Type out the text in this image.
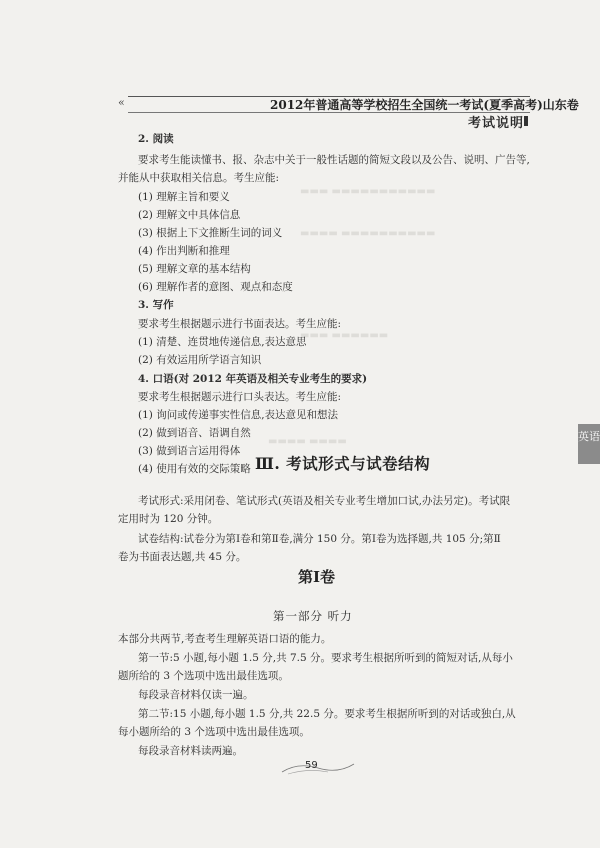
«	2012年普通高等学校招生全国统一考试(夏季高考)山东卷
考试说明
▬▬▬ ▬▬▬▬▬▬▬▬▬▬▬
▬▬▬▬ ▬▬▬▬▬▬▬▬▬▬
▬▬▬ ▬▬▬▬▬▬
▬▬▬▬ ▬▬▬▬
2. 阅读
要求考生能读懂书、报、杂志中关于一般性话题的简短文段以及公告、说明、广告等,
并能从中获取相关信息。考生应能:
(1) 理解主旨和要义
(2) 理解文中具体信息
(3) 根据上下文推断生词的词义
(4) 作出判断和推理
(5) 理解文章的基本结构
(6) 理解作者的意图、观点和态度
3. 写作
要求考生根据题示进行书面表达。考生应能:
(1) 清楚、连贯地传递信息,表达意思
(2) 有效运用所学语言知识
4. 口语(对 2012 年英语及相关专业考生的要求)
要求考生根据题示进行口头表达。考生应能:
(1) 询问或传递事实性信息,表达意见和想法
(2) 做到语音、语调自然
(3) 做到语言运用得体
(4) 使用有效的交际策略 Ⅲ. 考试形式与试卷结构
考试形式:采用闭卷、笔试形式(英语及相关专业考生增加口试,办法另定)。考试限
定用时为 120 分钟。
试卷结构:试卷分为第Ⅰ卷和第Ⅱ卷,满分 150 分。第Ⅰ卷为选择题,共 105 分;第Ⅱ
卷为书面表达题,共 45 分。
第Ⅰ卷
第一部分 听力
本部分共两节,考查考生理解英语口语的能力。
第一节:5 小题,每小题 1.5 分,共 7.5 分。要求考生根据所听到的简短对话,从每小
题所给的 3 个选项中选出最佳选项。
每段录音材料仅读一遍。
第二节:15 小题,每小题 1.5 分,共 22.5 分。要求考生根据所听到的对话或独白,从
每小题所给的 3 个选项中选出最佳选项。
每段录音材料读两遍。
英语
59
